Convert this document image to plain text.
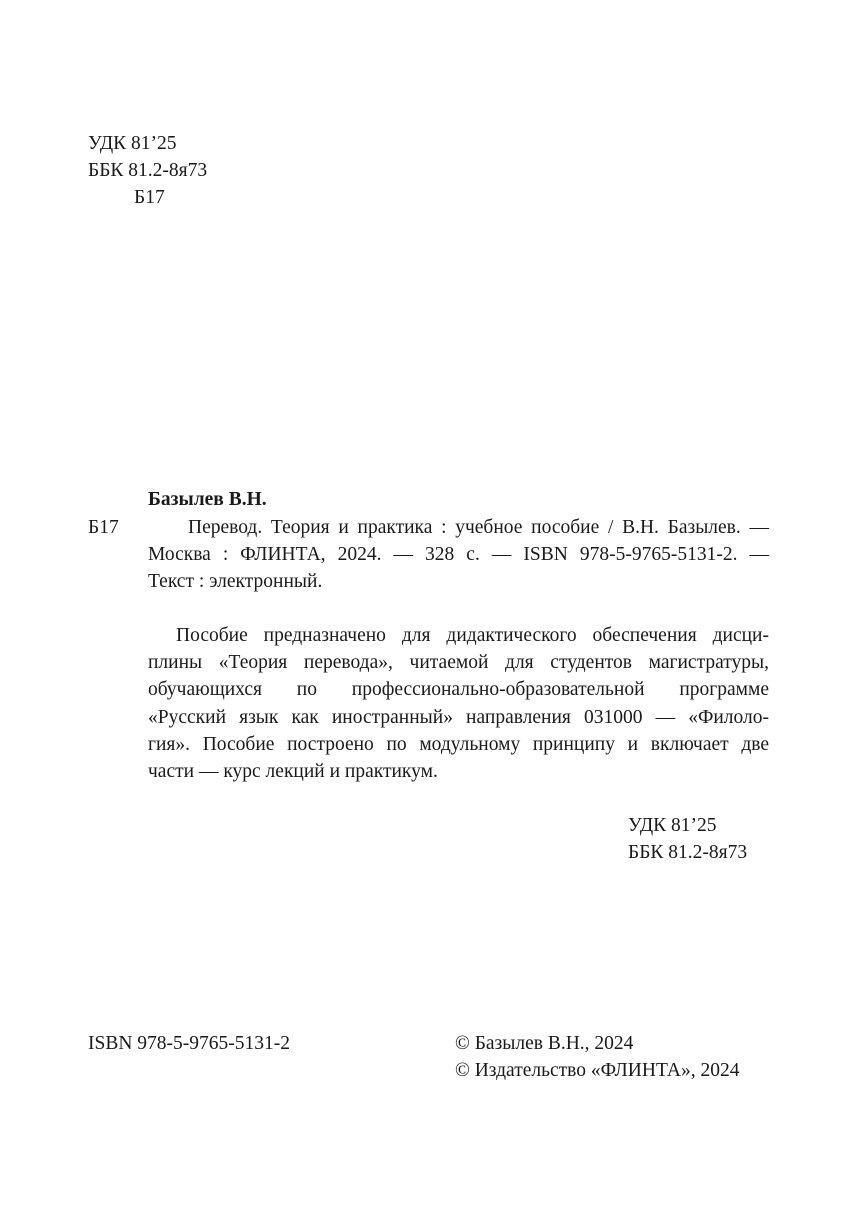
УДК 81’25
ББК 81.2-8я73
Б17
Базылев В.Н.
Б17	Перевод. Теория и практика : учебное пособие / В.Н. Базылев. —
Москва : ФЛИНТА, 2024. — 328 с. — ISBN 978-5-9765-5131-2. —
Текст : электронный.
Пособие предназначено для дидактического обеспечения дисци-
плины «Теория перевода», читаемой для студентов магистратуры,
обучающихся по профессионально-образовательной программе
«Русский язык как иностранный» направления 031000 — «Филоло-
гия». Пособие построено по модульному принципу и включает две
части — курс лекций и практикум.
УДК 81’25
ББК 81.2-8я73
ISBN 978-5-9765-5131-2	© Базылев В.Н., 2024
© Издательство «ФЛИНТА», 2024
